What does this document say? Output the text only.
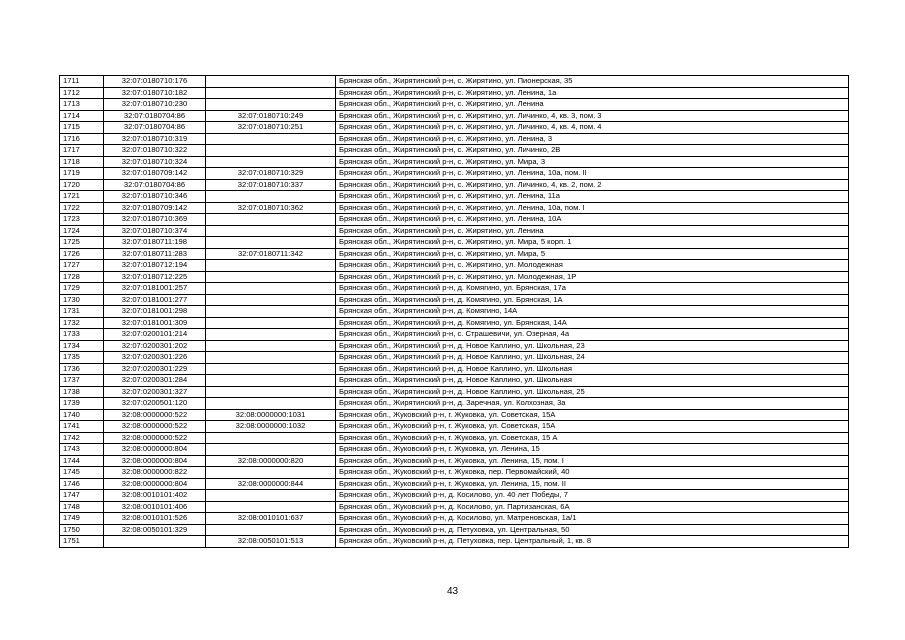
1711	32:07:0180710:176		Брянская обл., Жирятинский р-н, с. Жирятино, ул. Пионерская, 35
1712	32:07:0180710:182		Брянская обл., Жирятинский р-н, с. Жирятино, ул. Ленина, 1а
1713	32:07:0180710:230		Брянская обл., Жирятинский р-н, с. Жирятино, ул. Ленина
1714	32:07:0180704:86	32:07:0180710:249	Брянская обл., Жирятинский р-н, с. Жирятино, ул. Личинко, 4, кв. 3, пом. 3
1715	32:07:0180704:86	32:07:0180710:251	Брянская обл., Жирятинский р-н, с. Жирятино, ул. Личинко, 4, кв. 4, пом. 4
1716	32:07:0180710:319		Брянская обл., Жирятинский р-н, с. Жирятино, ул. Ленина, 3
1717	32:07:0180710:322		Брянская обл., Жирятинский р-н, с. Жирятино, ул. Личинко, 2В
1718	32:07:0180710:324		Брянская обл., Жирятинский р-н, с. Жирятино, ул. Мира, 3
1719	32:07:0180709:142	32:07:0180710:329	Брянская обл., Жирятинский р-н, с. Жирятино, ул. Ленина, 10а, пом. II
1720	32:07:0180704:86	32:07:0180710:337	Брянская обл., Жирятинский р-н, с. Жирятино, ул. Личинко, 4, кв. 2, пом. 2
1721	32:07:0180710:346		Брянская обл., Жирятинский р-н, с. Жирятино, ул. Ленина, 11а
1722	32:07:0180709:142	32:07:0180710:362	Брянская обл., Жирятинский р-н, с. Жирятино, ул. Ленина, 10а, пом. I
1723	32:07:0180710:369		Брянская обл., Жирятинский р-н, с. Жирятино, ул. Ленина, 10А
1724	32:07:0180710:374		Брянская обл., Жирятинский р-н, с. Жирятино, ул. Ленина
1725	32:07:0180711:198		Брянская обл., Жирятинский р-н, с. Жирятино, ул. Мира, 5 корп. 1
1726	32:07:0180711:283	32:07:0180711:342	Брянская обл., Жирятинский р-н, с. Жирятино, ул. Мира, 5
1727	32:07:0180712:194		Брянская обл., Жирятинский р-н, с. Жирятино, ул. Молодежная
1728	32:07:0180712:225		Брянская обл., Жирятинский р-н, с. Жирятино, ул. Молодежная, 1Р
1729	32:07:0181001:257		Брянская обл., Жирятинский р-н, д. Комягино, ул. Брянская, 17а
1730	32:07:0181001:277		Брянская обл., Жирятинский р-н, д. Комягино, ул. Брянская, 1А
1731	32:07:0181001:298		Брянская обл., Жирятинский р-н, д. Комягино, 14А
1732	32:07:0181001:309		Брянская обл., Жирятинский р-н, д. Комягино, ул. Брянская, 14А
1733	32:07:0200101:214		Брянская обл., Жирятинский р-н, с. Страшевичи, ул. Озерная, 4а
1734	32:07:0200301:202		Брянская обл., Жирятинский р-н, д. Новое Каплино, ул. Школьная, 23
1735	32:07:0200301:226		Брянская обл., Жирятинский р-н, д. Новое Каплино, ул. Школьная, 24
1736	32:07:0200301:229		Брянская обл., Жирятинский р-н, д. Новое Каплино, ул. Школьная
1737	32:07:0200301:284		Брянская обл., Жирятинский р-н, д. Новое Каплино, ул. Школьная
1738	32:07:0200301:327		Брянская обл., Жирятинский р-н, д. Новое Каплино, ул. Школьная, 25
1739	32:07:0200501:120		Брянская обл., Жирятинский р-н, д. Заречная, ул. Колхозная, 3а
1740	32:08:0000000:522	32:08:0000000:1031	Брянская обл., Жуковский р-н, г. Жуковка, ул. Советская, 15А
1741	32:08:0000000:522	32:08:0000000:1032	Брянская обл., Жуковский р-н, г. Жуковка, ул. Советская, 15А
1742	32:08:0000000:522		Брянская обл., Жуковский р-н, г. Жуковка, ул. Советская, 15 А
1743	32:08:0000000:804		Брянская обл., Жуковский р-н, г. Жуковка, ул. Ленина, 15
1744	32:08:0000000:804	32:08:0000000:820	Брянская обл., Жуковский р-н, г. Жуковка, ул. Ленина, 15, пом. I
1745	32:08:0000000:822		Брянская обл., Жуковский р-н, г. Жуковка, пер. Первомайский, 40
1746	32:08:0000000:804	32:08:0000000:844	Брянская обл., Жуковский р-н, г. Жуковка, ул. Ленина, 15, пом. II
1747	32:08:0010101:402		Брянская обл., Жуковский р-н, д. Косилово, ул. 40 лет Победы, 7
1748	32:08:0010101:406		Брянская обл., Жуковский р-н, д. Косилово, ул. Партизанская, 6А
1749	32:08:0010101:526	32:08:0010101:637	Брянская обл., Жуковский р-н, д. Косилово, ул. Матреновская, 1а/1
1750	32:08:0050101:329		Брянская обл., Жуковский р-н, д. Петуховка, ул. Центральная, 50
1751		32:08:0050101:513	Брянская обл., Жуковский р-н, д. Петуховка, пер. Центральный, 1, кв. 8
43
